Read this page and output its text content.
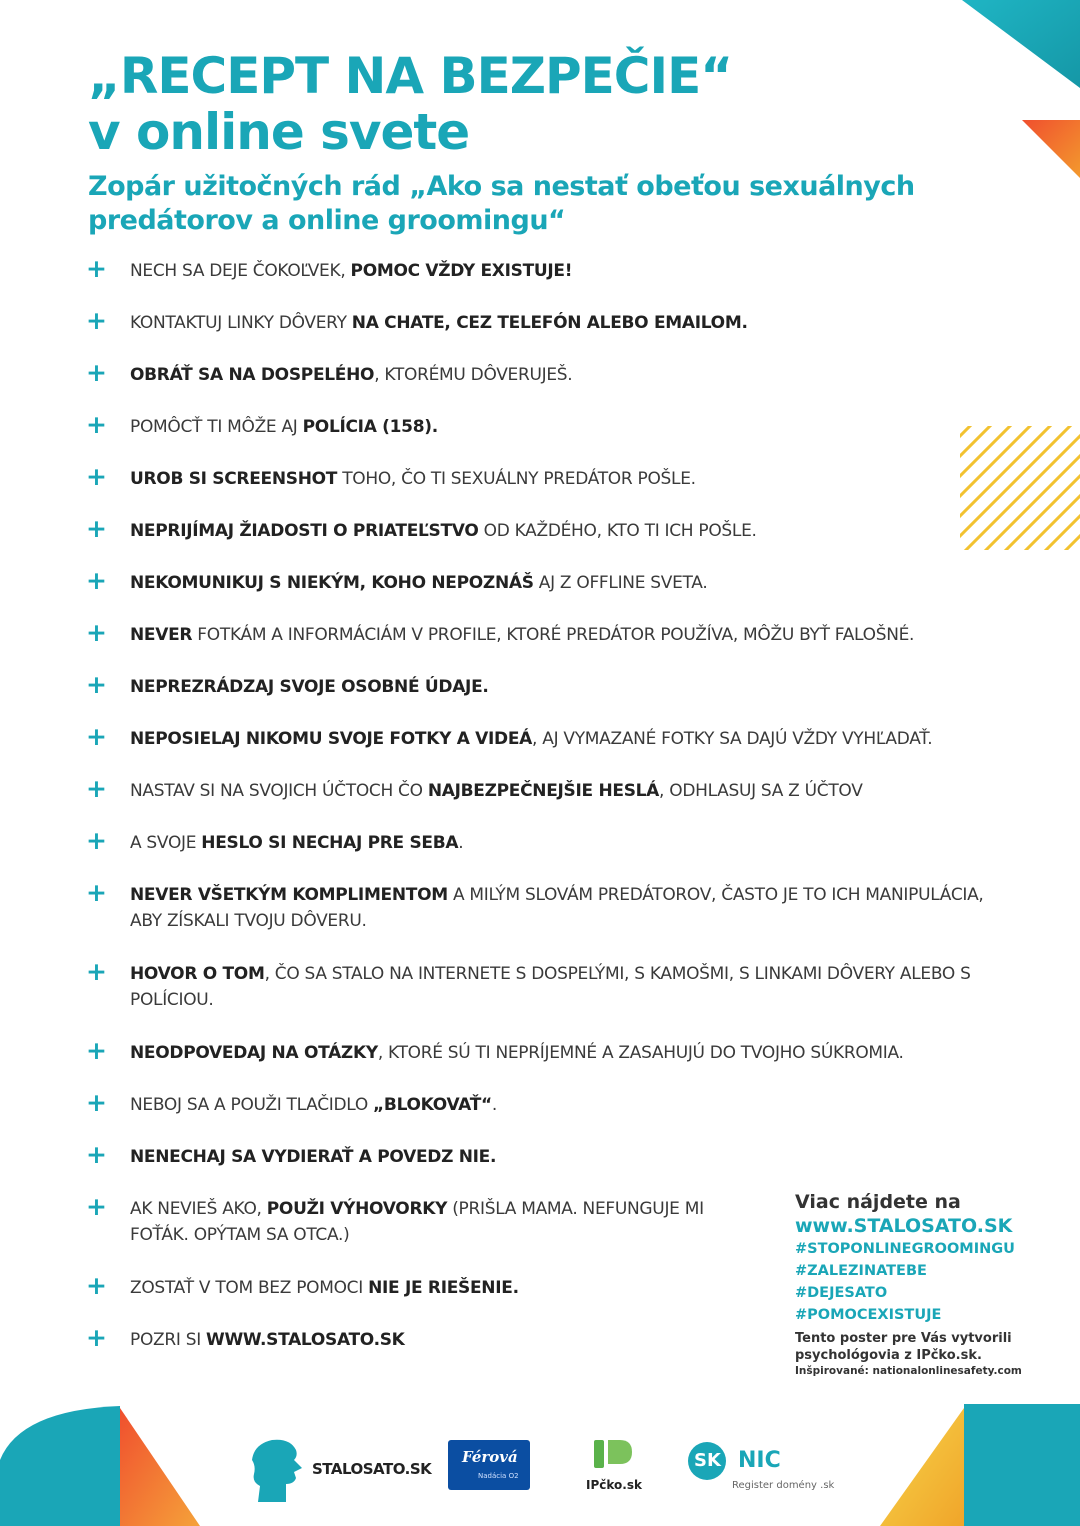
„RECEPT NA BEZPEČIE“
v online svete
Zopár užitočných rád „Ako sa nestať obeťou sexuálnych predátorov a online groomingu“
+ NECH SA DEJE ČOKOĽVEK, POMOC VŽDY EXISTUJE!
+ KONTAKTUJ LINKY DÔVERY NA CHATE, CEZ TELEFÓN ALEBO EMAILOM.
+ OBRÁŤ SA NA DOSPELÉHO, KTORÉMU DÔVERUJEŠ.
+ POMÔCŤ TI MÔŽE AJ POLÍCIA (158).
+ UROB SI SCREENSHOT TOHO, ČO TI SEXUÁLNY PREDÁTOR POŠLE.
+ NEPRIJÍMAJ ŽIADOSTI O PRIATEĽSTVO OD KAŽDÉHO, KTO TI ICH POŠLE.
+ NEKOMUNIKUJ S NIEKÝM, KOHO NEPOZNÁŠ AJ Z OFFLINE SVETA.
+ NEVER FOTKÁM A INFORMÁCIÁM V PROFILE, KTORÉ PREDÁTOR POUŽÍVA, MÔŽU BYŤ FALOŠNÉ.
+ NEPREZRÁDZAJ SVOJE OSOBNÉ ÚDAJE.
+ NEPOSIELAJ NIKOMU SVOJE FOTKY A VIDEÁ, AJ VYMAZANÉ FOTKY SA DAJÚ VŽDY VYHĽADAŤ.
+ NASTAV SI NA SVOJICH ÚČTOCH ČO NAJBEZPEČNEJŠIE HESLÁ, ODHLASUJ SA Z ÚČTOV
+ A SVOJE HESLO SI NECHAJ PRE SEBA.
+ NEVER VŠETKÝM KOMPLIMENTOM A MILÝM SLOVÁM PREDÁTOROV, ČASTO JE TO ICH MANIPULÁCIA, ABY ZÍSKALI TVOJU DÔVERU.
+ HOVOR O TOM, ČO SA STALO NA INTERNETE S DOSPELÝMI, S KAMOŠMI, S LINKAMI DÔVERY ALEBO S POLÍCIOU.
+ NEODPOVEDAJ NA OTÁZKY, KTORÉ SÚ TI NEPRÍJEMNÉ A ZASAHUJÚ DO TVOJHO SÚKROMIA.
+ NEBOJ SA A POUŽI TLAČIDLO „BLOKOVAŤ“.
+ NENECHAJ SA VYDIERAŤ A POVEDZ NIE.
+ AK NEVIEŠ AKO, POUŽI VÝHOVORKY (PRIŠLA MAMA. NEFUNGUJE MI FOŤÁK. OPÝTAM SA OTCA.)
+ ZOSTAŤ V TOM BEZ POMOCI NIE JE RIEŠENIE.
+ POZRI SI WWW.STALOSATO.SK
Viac nájdete na
www.STALOSATO.SK
#STOPONLINEGROOMINGU
#ZALEZINATEBE
#DEJESATO
#POMOCEXISTUJE
Tento poster pre Vás vytvorili psychológovia z IPčko.sk.
Inšpirované: nationalonlinesafety.com
STALOSATO.SK
Férová
Nadácia O2
IPčko.sk
SK NIC
Register domény .sk
